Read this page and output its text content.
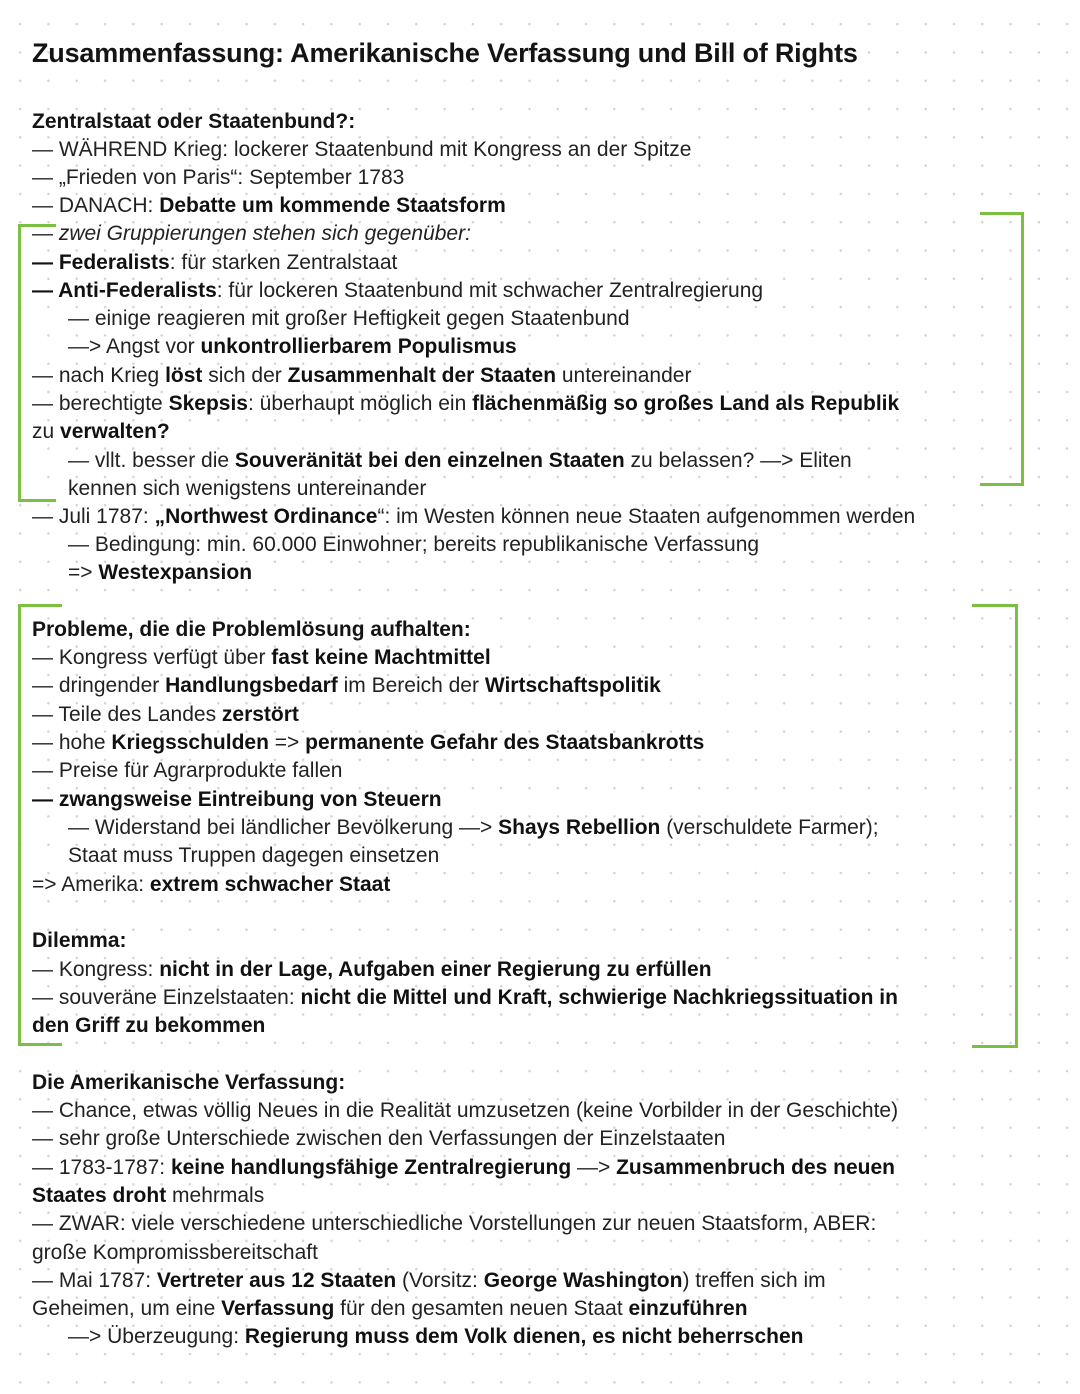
Zusammenfassung: Amerikanische Verfassung und Bill of Rights
Zentralstaat oder Staatenbund?:
— WÄHREND Krieg: lockerer Staatenbund mit Kongress an der Spitze
— „Frieden von Paris“: September 1783
— DANACH: Debatte um kommende Staatsform
— zwei Gruppierungen stehen sich gegenüber:
— Federalists: für starken Zentralstaat
— Anti-Federalists: für lockeren Staatenbund mit schwacher Zentralregierung
— einige reagieren mit großer Heftigkeit gegen Staatenbund
—> Angst vor unkontrollierbarem Populismus
— nach Krieg löst sich der Zusammenhalt der Staaten untereinander
— berechtigte Skepsis: überhaupt möglich ein flächenmäßig so großes Land als Republik
zu verwalten?
— vllt. besser die Souveränität bei den einzelnen Staaten zu belassen? —> Eliten
kennen sich wenigstens untereinander
— Juli 1787: „Northwest Ordinance“: im Westen können neue Staaten aufgenommen werden
— Bedingung: min. 60.000 Einwohner; bereits republikanische Verfassung
=> Westexpansion
Probleme, die die Problemlösung aufhalten:
— Kongress verfügt über fast keine Machtmittel
— dringender Handlungsbedarf im Bereich der Wirtschaftspolitik
— Teile des Landes zerstört
— hohe Kriegsschulden => permanente Gefahr des Staatsbankrotts
— Preise für Agrarprodukte fallen
— zwangsweise Eintreibung von Steuern
— Widerstand bei ländlicher Bevölkerung —> Shays Rebellion (verschuldete Farmer);
Staat muss Truppen dagegen einsetzen
=> Amerika: extrem schwacher Staat
Dilemma:
— Kongress: nicht in der Lage, Aufgaben einer Regierung zu erfüllen
— souveräne Einzelstaaten: nicht die Mittel und Kraft, schwierige Nachkriegssituation in
den Griff zu bekommen
Die Amerikanische Verfassung:
— Chance, etwas völlig Neues in die Realität umzusetzen (keine Vorbilder in der Geschichte)
— sehr große Unterschiede zwischen den Verfassungen der Einzelstaaten
— 1783-1787: keine handlungsfähige Zentralregierung —> Zusammenbruch des neuen
Staates droht mehrmals
— ZWAR: viele verschiedene unterschiedliche Vorstellungen zur neuen Staatsform, ABER:
große Kompromissbereitschaft
— Mai 1787: Vertreter aus 12 Staaten (Vorsitz: George Washington) treffen sich im
Geheimen, um eine Verfassung für den gesamten neuen Staat einzuführen
—> Überzeugung: Regierung muss dem Volk dienen, es nicht beherrschen
